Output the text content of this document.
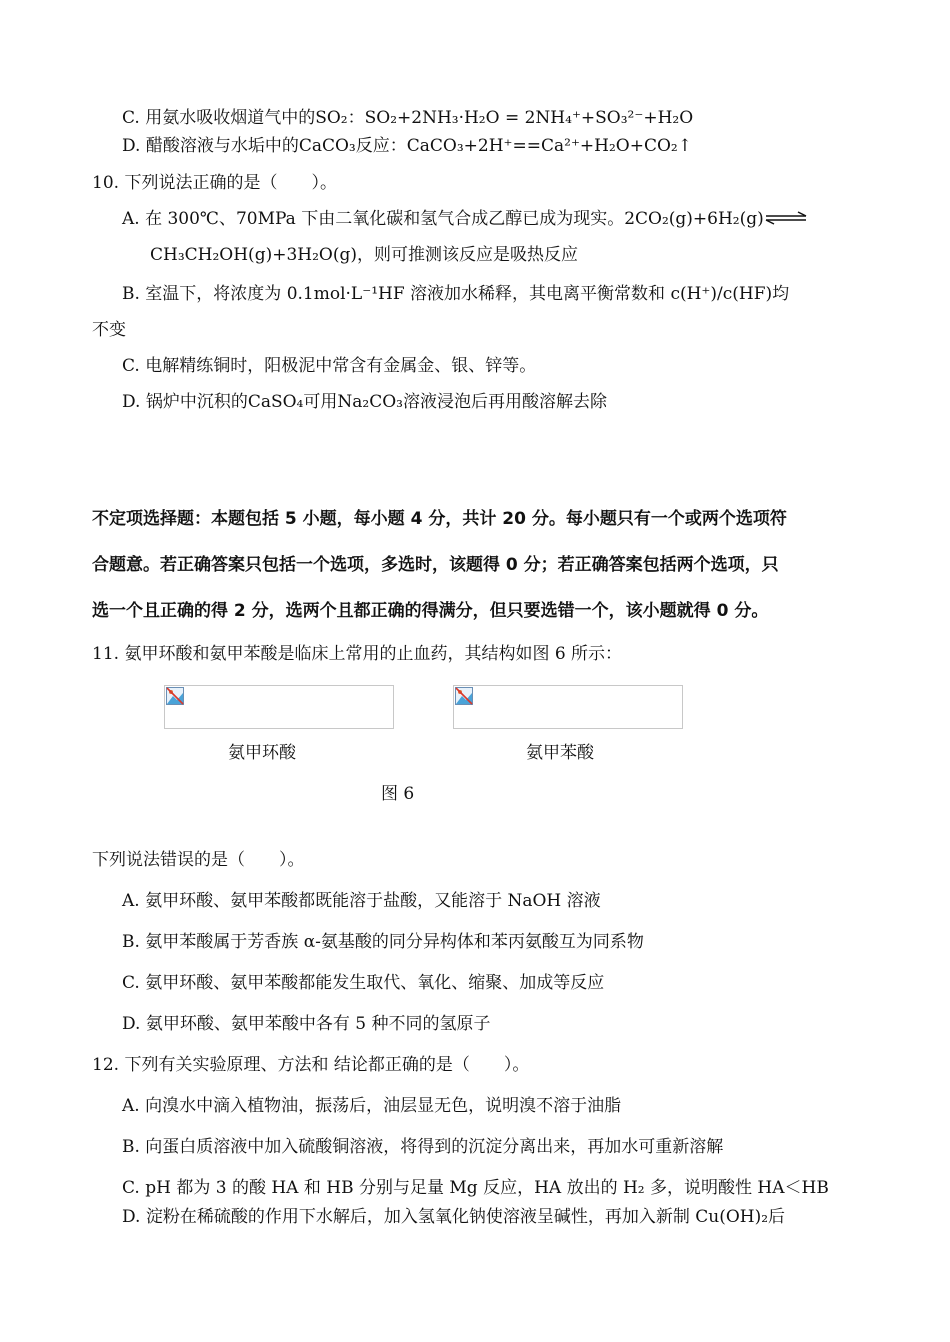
C. 用氨水吸收烟道气中的SO₂：SO₂+2NH₃·H₂O = 2NH₄⁺+SO₃²⁻+H₂O
D. 醋酸溶液与水垢中的CaCO₃反应：CaCO₃+2H⁺==Ca²⁺+H₂O+CO₂↑
10. 下列说法正确的是（　　）。
A. 在 300℃、70MPa 下由二氧化碳和氢气合成乙醇已成为现实。2CO₂(g)+6H₂(g)⇌
CH₃CH₂OH(g)+3H₂O(g)，则可推测该反应是吸热反应
B. 室温下，将浓度为 0.1mol·L⁻¹HF 溶液加水稀释，其电离平衡常数和 c(H⁺)/c(HF)均
不变
C. 电解精练铜时，阳极泥中常含有金属金、银、锌等。
D. 锅炉中沉积的CaSO₄可用Na₂CO₃溶液浸泡后再用酸溶解去除
不定项选择题：本题包括 5 小题，每小题 4 分，共计 20 分。每小题只有一个或两个选项符
合题意。若正确答案只包括一个选项，多选时，该题得 0 分；若正确答案包括两个选项，只
选一个且正确的得 2 分，选两个且都正确的得满分，但只要选错一个，该小题就得 0 分。
11. 氨甲环酸和氨甲苯酸是临床上常用的止血药，其结构如图 6 所示：
氨甲环酸	氨甲苯酸
图 6
下列说法错误的是（　　）。
A. 氨甲环酸、氨甲苯酸都既能溶于盐酸，又能溶于 NaOH 溶液
B. 氨甲苯酸属于芳香族 α-氨基酸的同分异构体和苯丙氨酸互为同系物
C. 氨甲环酸、氨甲苯酸都能发生取代、氧化、缩聚、加成等反应
D. 氨甲环酸、氨甲苯酸中各有 5 种不同的氢原子
12. 下列有关实验原理、方法和 结论都正确的是（　　）。
A. 向溴水中滴入植物油，振荡后，油层显无色，说明溴不溶于油脂
B. 向蛋白质溶液中加入硫酸铜溶液，将得到的沉淀分离出来，再加水可重新溶解
C. pH 都为 3 的酸 HA 和 HB 分别与足量 Mg 反应，HA 放出的 H₂ 多，说明酸性 HA＜HB
D. 淀粉在稀硫酸的作用下水解后，加入氢氧化钠使溶液呈碱性，再加入新制 Cu(OH)₂后
